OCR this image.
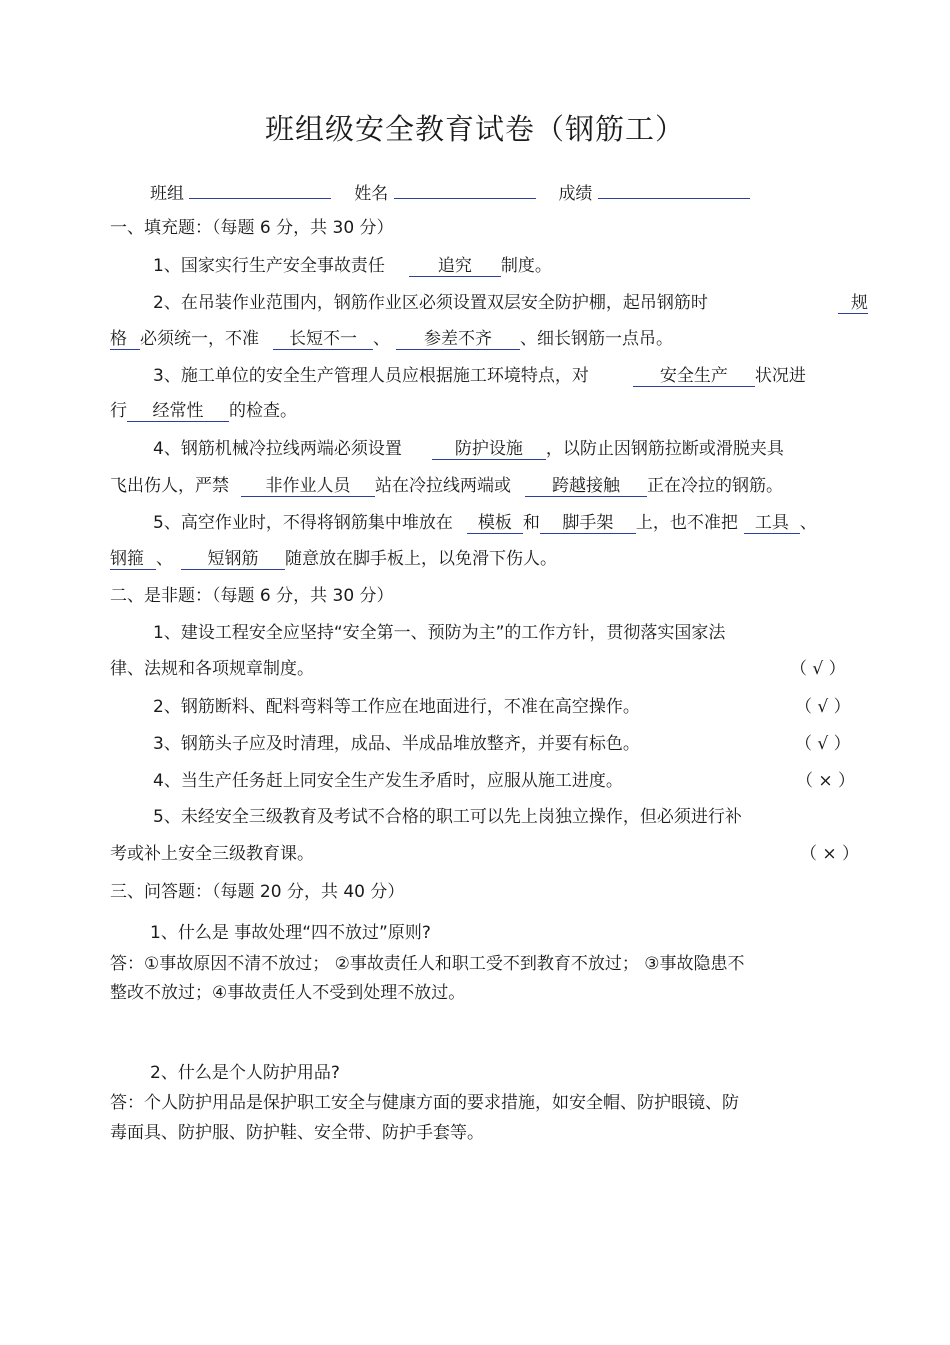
班组级安全教育试卷（钢筋工）
班组	姓名	成绩
一、填充题：（每题 6 分，共 30 分）
1、国家实行生产安全事故责任	追究 制度。
2、在吊装作业范围内，钢筋作业区必须设置双层安全防护棚，起吊钢筋时	规
格 必须统一，不准 长短不一 、 参差不齐 、细长钢筋一点吊。
3、施工单位的安全生产管理人员应根据施工环境特点，对	安全生产 状况进
行 经常性 的检查。
4、钢筋机械冷拉线两端必须设置	防护设施 ，以防止因钢筋拉断或滑脱夹具
飞出伤人，严禁 非作业人员 站在冷拉线两端或 跨越接触 正在冷拉的钢筋。
5、高空作业时，不得将钢筋集中堆放在 模板 和 脚手架 上，也不准把 工具 、
钢箍 、 短钢筋 随意放在脚手板上，以免滑下伤人。
二、是非题：（每题 6 分，共 30 分）
1、建设工程安全应坚持“安全第一、预防为主”的工作方针，贯彻落实国家法
律、法规和各项规章制度。	（ √ ）
2、钢筋断料、配料弯料等工作应在地面进行，不准在高空操作。	（ √ ）
3、钢筋头子应及时清理，成品、半成品堆放整齐，并要有标色。	（ √ ）
4、当生产任务赶上同安全生产发生矛盾时，应服从施工进度。	（ × ）
5、未经安全三级教育及考试不合格的职工可以先上岗独立操作，但必须进行补
考或补上安全三级教育课。	（ × ）
三、问答题：（每题 20 分，共 40 分）
1、什么是 事故处理“四不放过”原则?
答：①事故原因不清不放过； ②事故责任人和职工受不到教育不放过； ③事故隐患不
整改不放过；④事故责任人不受到处理不放过。
2、什么是个人防护用品?
答：个人防护用品是保护职工安全与健康方面的要求措施，如安全帽、防护眼镜、防
毒面具、防护服、防护鞋、安全带、防护手套等。
